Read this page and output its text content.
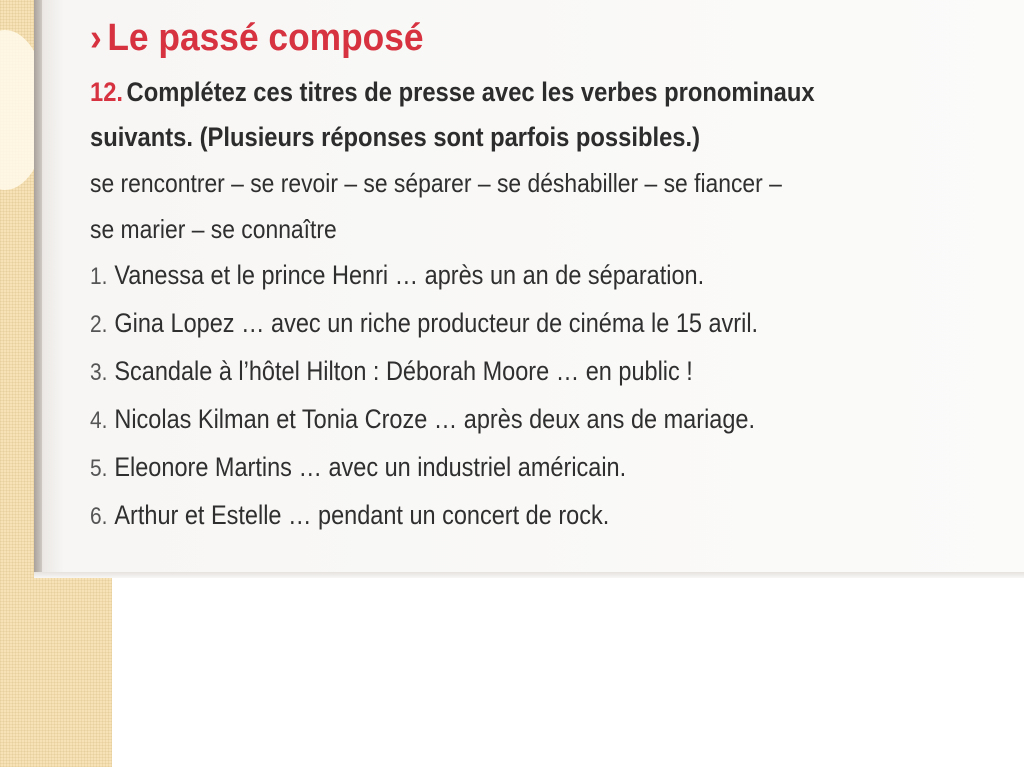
› Le passé composé

12. Complétez ces titres de presse avec les verbes pronominaux
suivants. (Plusieurs réponses sont parfois possibles.)

se rencontrer – se revoir – se séparer – se déshabiller – se fiancer –
se marier – se connaître

1. Vanessa et le prince Henri … après un an de séparation.
2. Gina Lopez … avec un riche producteur de cinéma le 15 avril.
3. Scandale à l’hôtel Hilton : Déborah Moore … en public !
4. Nicolas Kilman et Tonia Croze … après deux ans de mariage.
5. Eleonore Martins … avec un industriel américain.
6. Arthur et Estelle … pendant un concert de rock.
